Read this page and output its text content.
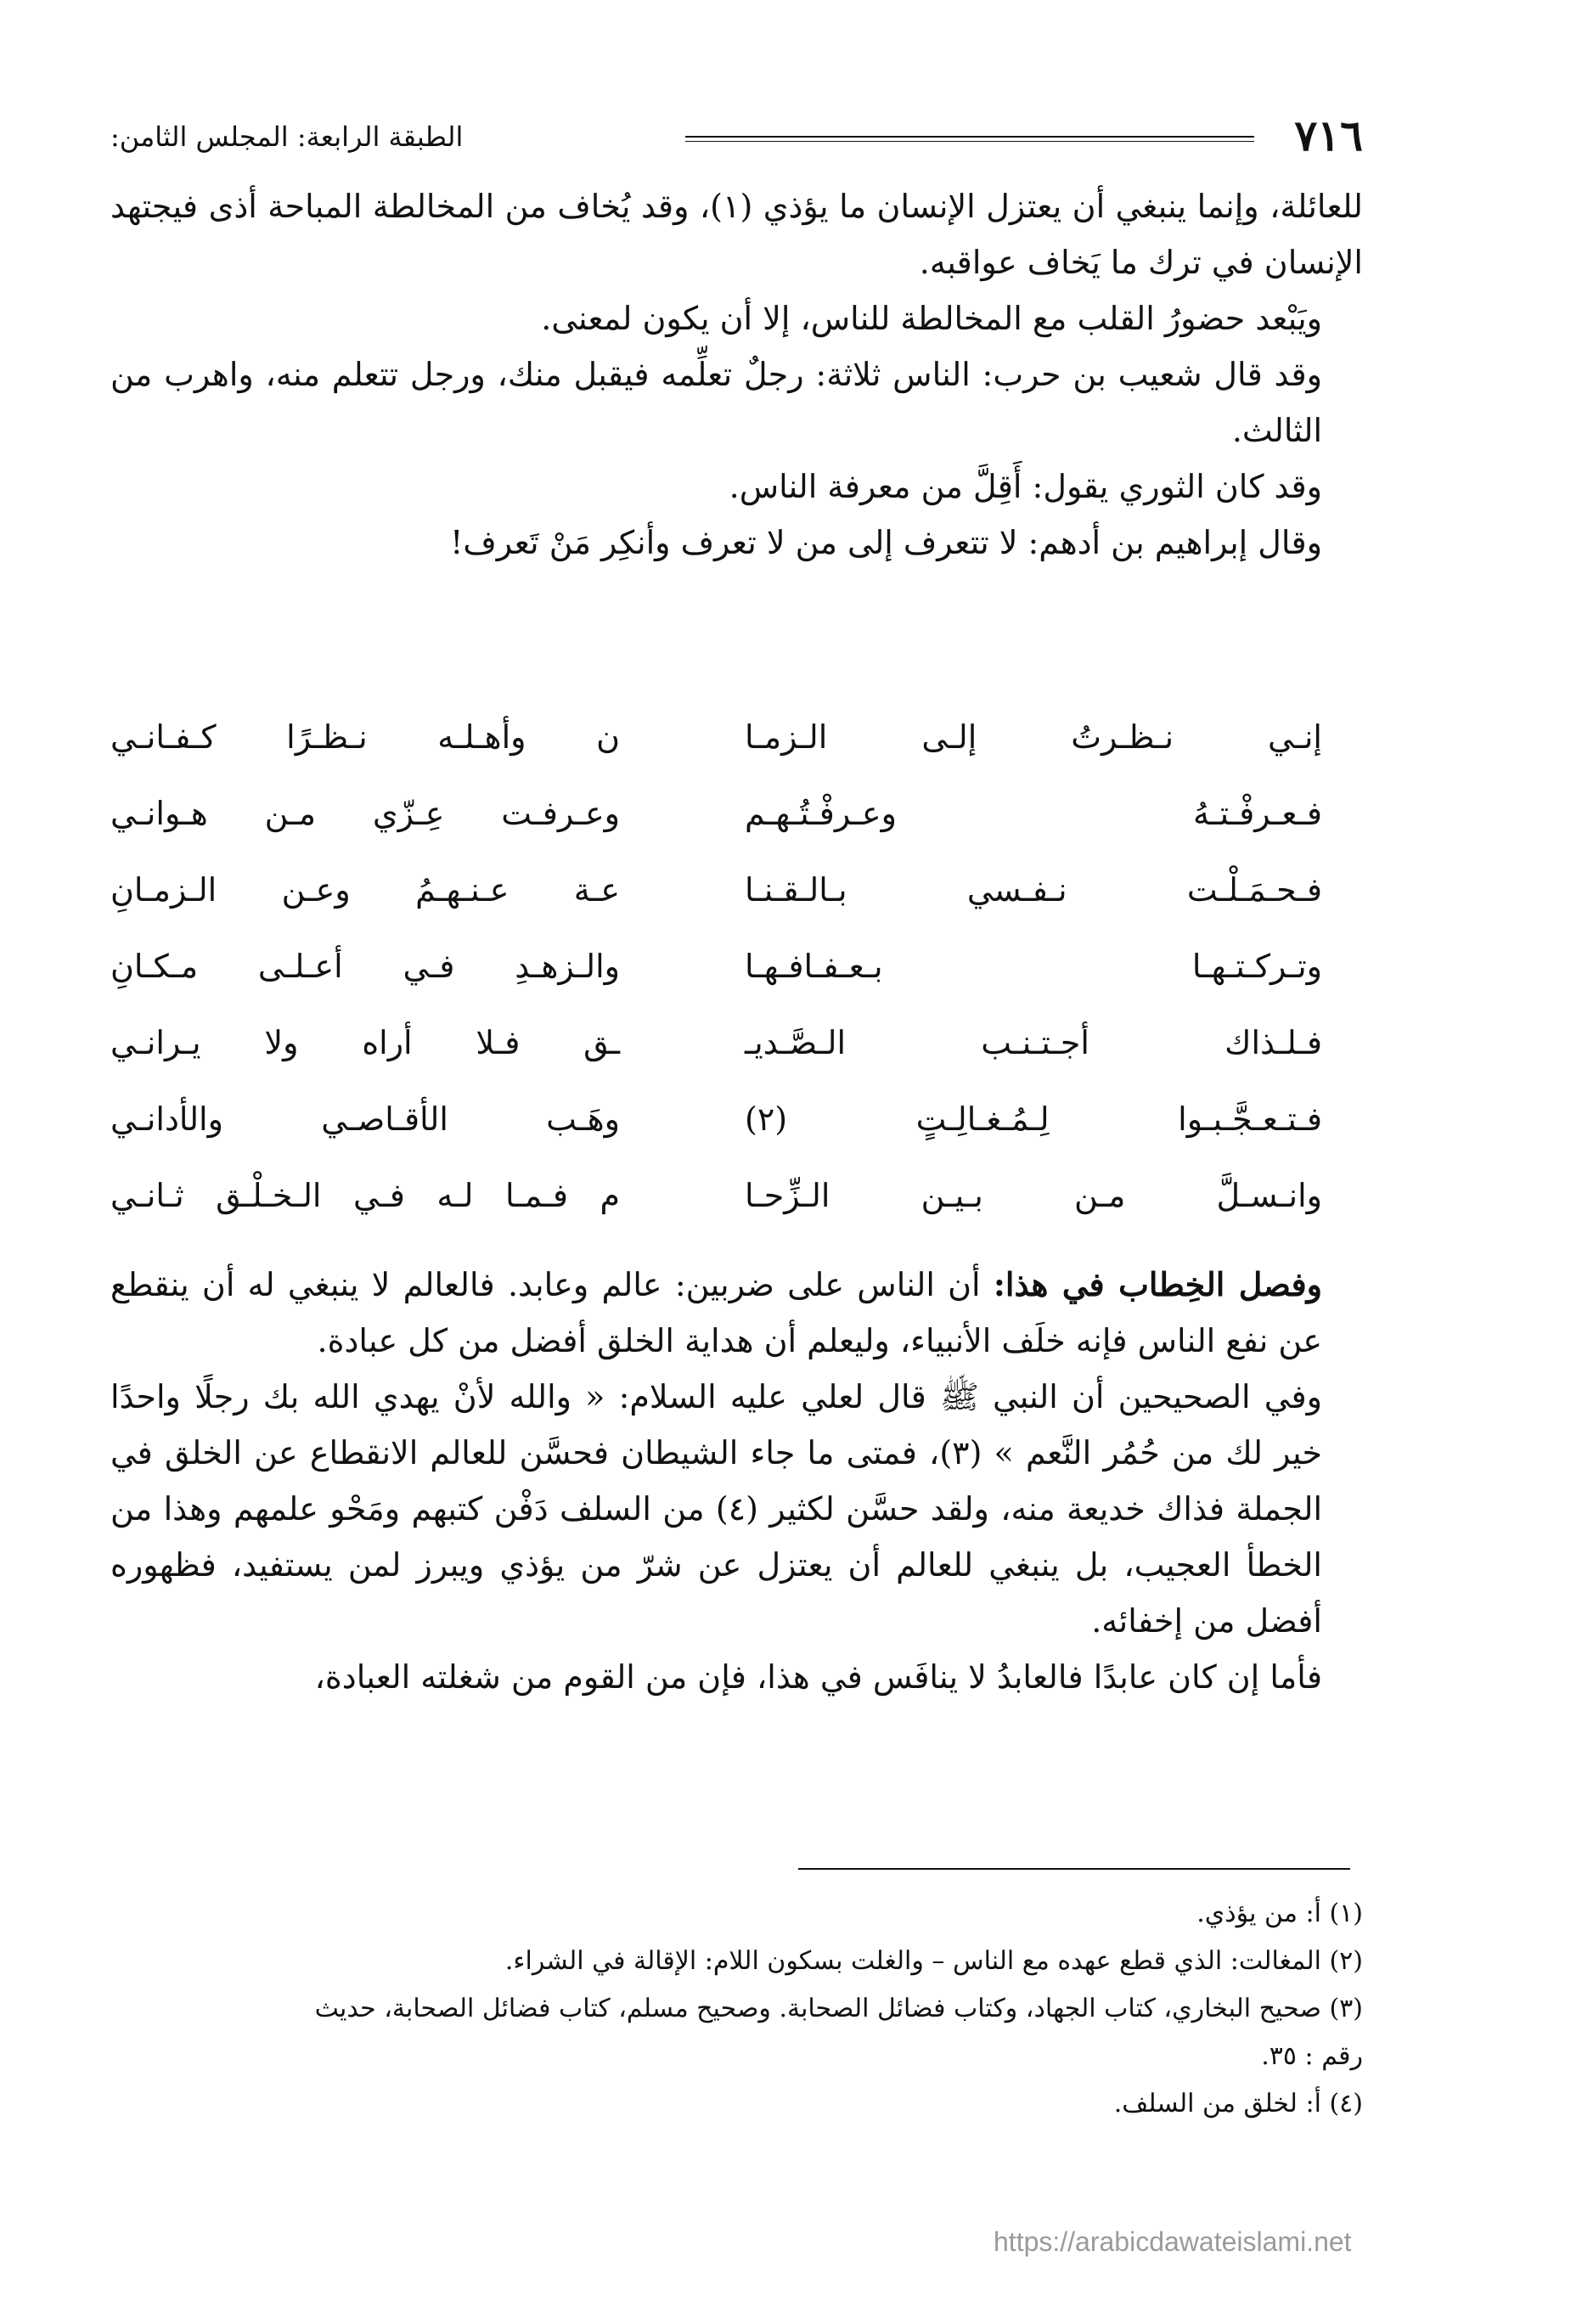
٧١٦
الطبقة الرابعة: المجلس الثامن:

للعائلة، وإنما ينبغي أن يعتزل الإنسان ما يؤذي (١)، وقد يُخاف من المخالطة المباحة أذى فيجتهد الإنسان في ترك ما يَخاف عواقبه.

ويَبْعد حضورُ القلب مع المخالطة للناس، إلا أن يكون لمعنى.

وقد قال شعيب بن حرب: الناس ثلاثة: رجلٌ تعلِّمه فيقبل منك، ورجل تتعلم منه، واهرب من الثالث.

وقد كان الثوري يقول: أَقِلَّ من معرفة الناس.

وقال إبراهيم بن أدهم: لا تتعرف إلى من لا تعرف وأنكِر مَنْ تَعرف!

إنـي نـظـرتُ إلـى الـزمـا
ن وأهـلـه نـظـرًا كـفـانـي
فـعـرفْـتـهُ وعـرفْـتُـهـم
وعـرفـت عِـزّي مـن هـوانـي
فـحـمَـلْـت نـفـسي بـالـقـنـا
عـة عـنـهـمُ وعـن الـزمـانِ
وتـركـتـهـا بـعـفـافـهـا
والـزهـدِ فـي أعـلـى مـكـانِ
فـلـذاك أجـتـنـب الـصَّـديـ
ـق فـلا أراه ولا يـرانـي
فـتـعـجَّـبـوا لِـمُـغـالِـتٍ (٢)
وهَـب الأقـاصـي والأدانـي
وانـسـلَّ مـن بـيـن الـزِّحـا
م فـمـا لـه فـي الـخـلْـق ثـانـي

وفصل الخِطاب في هذا: أن الناس على ضربين: عالم وعابد. فالعالم لا ينبغي له أن ينقطع عن نفع الناس فإنه خلَف الأنبياء، وليعلم أن هداية الخلق أفضل من كل عبادة.

وفي الصحيحين أن النبي ﷺ قال لعلي عليه السلام: « والله لأنْ يهدي الله بك رجلًا واحدًا خير لك من حُمُر النَّعم » (٣)، فمتى ما جاء الشيطان فحسَّن للعالم الانقطاع عن الخلق في الجملة فذاك خديعة منه، ولقد حسَّن لكثير (٤) من السلف دَفْن كتبهم ومَحْو علمهم وهذا من الخطأ العجيب، بل ينبغي للعالم أن يعتزل عن شرّ من يؤذي ويبرز لمن يستفيد، فظهوره أفضل من إخفائه.

فأما إن كان عابدًا فالعابدُ لا ينافَس في هذا، فإن من القوم من شغلته العبادة،

(١) أ: من يؤذي.

(٢) المغالت: الذي قطع عهده مع الناس – والغلت بسكون اللام: الإقالة في الشراء.

(٣) صحيح البخاري، كتاب الجهاد، وكتاب فضائل الصحابة. وصحيح مسلم، كتاب فضائل الصحابة، حديث

رقم : ٣٥.

(٤) أ: لخلق من السلف.

https://arabicdawateislami.net
